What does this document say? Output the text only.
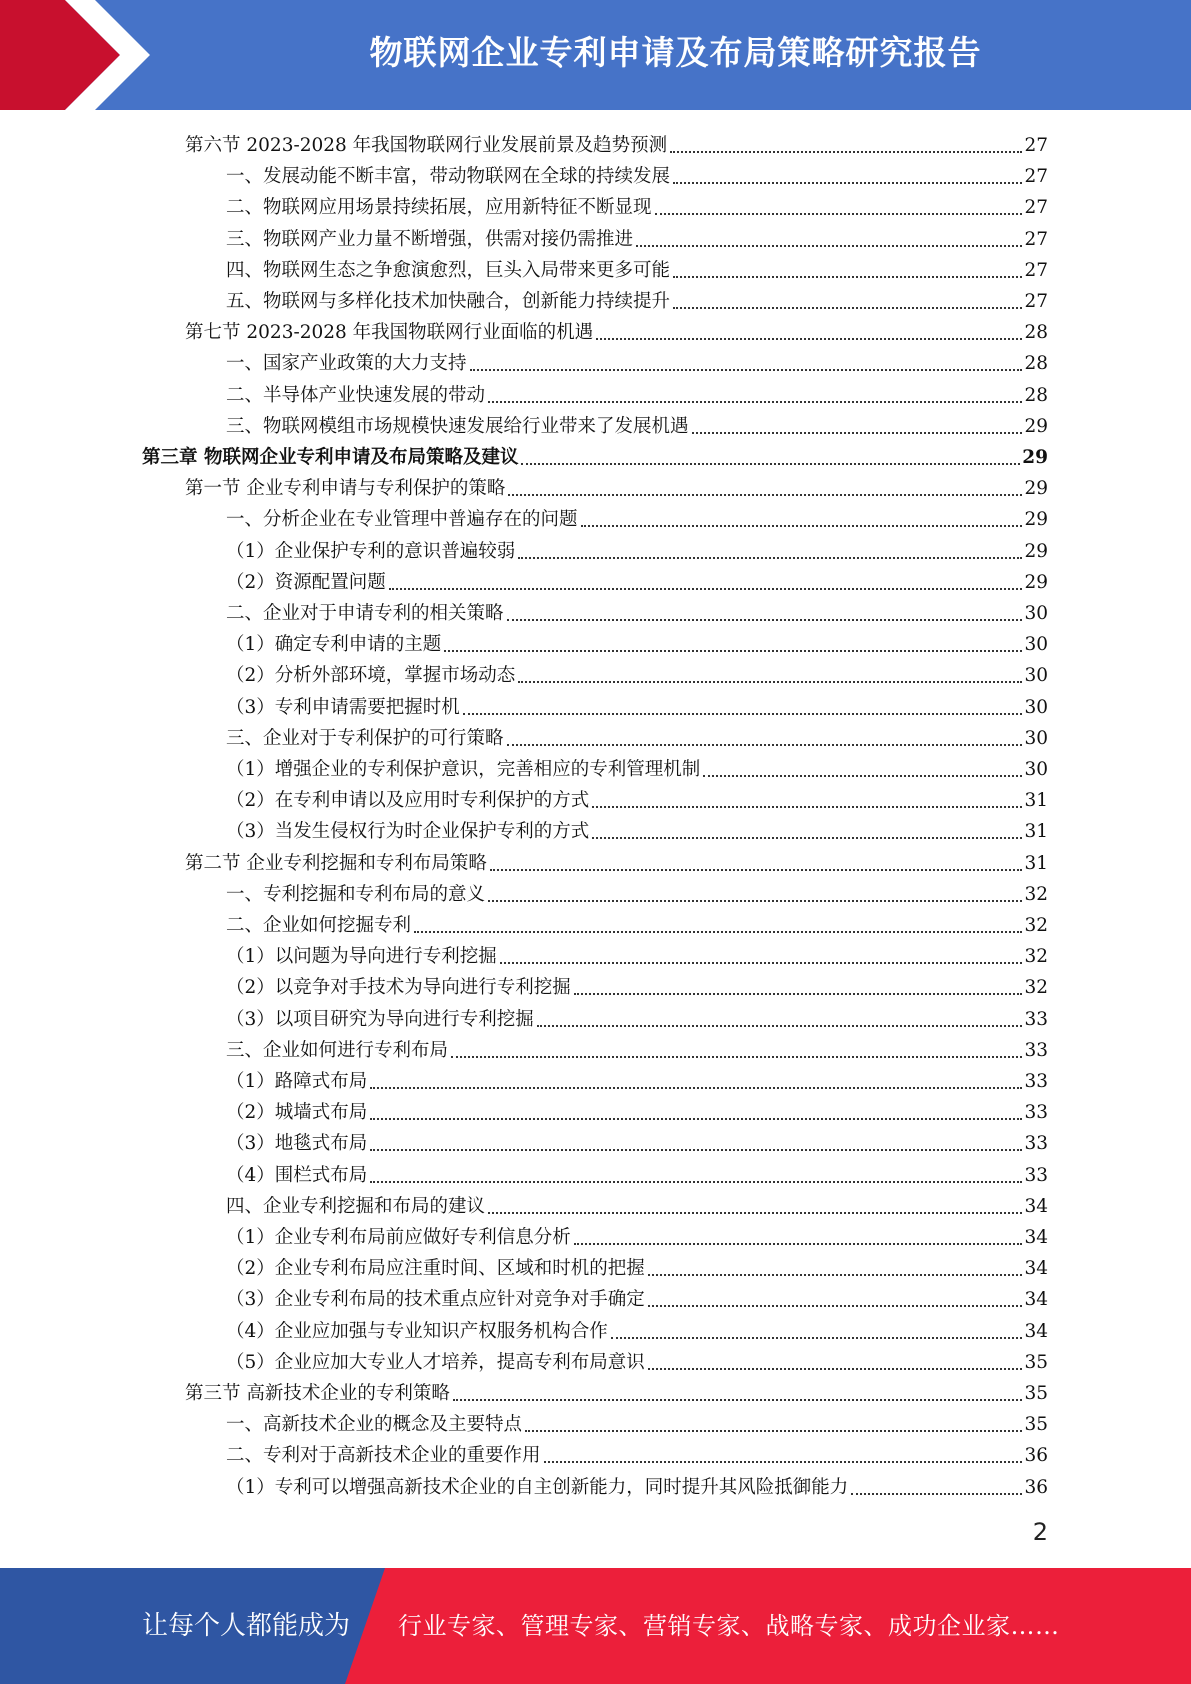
物联网企业专利申请及布局策略研究报告
第六节 2023-2028 年我国物联网行业发展前景及趋势预测	27
一、发展动能不断丰富，带动物联网在全球的持续发展	27
二、物联网应用场景持续拓展，应用新特征不断显现	27
三、物联网产业力量不断增强，供需对接仍需推进	27
四、物联网生态之争愈演愈烈，巨头入局带来更多可能	27
五、物联网与多样化技术加快融合，创新能力持续提升	27
第七节 2023-2028 年我国物联网行业面临的机遇	28
一、国家产业政策的大力支持	28
二、半导体产业快速发展的带动	28
三、物联网模组市场规模快速发展给行业带来了发展机遇	29
第三章 物联网企业专利申请及布局策略及建议	29
第一节 企业专利申请与专利保护的策略	29
一、分析企业在专业管理中普遍存在的问题	29
（1）企业保护专利的意识普遍较弱	29
（2）资源配置问题	29
二、企业对于申请专利的相关策略	30
（1）确定专利申请的主题	30
（2）分析外部环境，掌握市场动态	30
（3）专利申请需要把握时机	30
三、企业对于专利保护的可行策略	30
（1）增强企业的专利保护意识，完善相应的专利管理机制	30
（2）在专利申请以及应用时专利保护的方式	31
（3）当发生侵权行为时企业保护专利的方式	31
第二节 企业专利挖掘和专利布局策略	31
一、专利挖掘和专利布局的意义	32
二、企业如何挖掘专利	32
（1）以问题为导向进行专利挖掘	32
（2）以竞争对手技术为导向进行专利挖掘	32
（3）以项目研究为导向进行专利挖掘	33
三、企业如何进行专利布局	33
（1）路障式布局	33
（2）城墙式布局	33
（3）地毯式布局	33
（4）围栏式布局	33
四、企业专利挖掘和布局的建议	34
（1）企业专利布局前应做好专利信息分析	34
（2）企业专利布局应注重时间、区域和时机的把握	34
（3）企业专利布局的技术重点应针对竞争对手确定	34
（4）企业应加强与专业知识产权服务机构合作	34
（5）企业应加大专业人才培养，提高专利布局意识	35
第三节 高新技术企业的专利策略	35
一、高新技术企业的概念及主要特点	35
二、专利对于高新技术企业的重要作用	36
（1）专利可以增强高新技术企业的自主创新能力，同时提升其风险抵御能力	36
2
让每个人都能成为 行业专家、管理专家、营销专家、战略专家、成功企业家……
